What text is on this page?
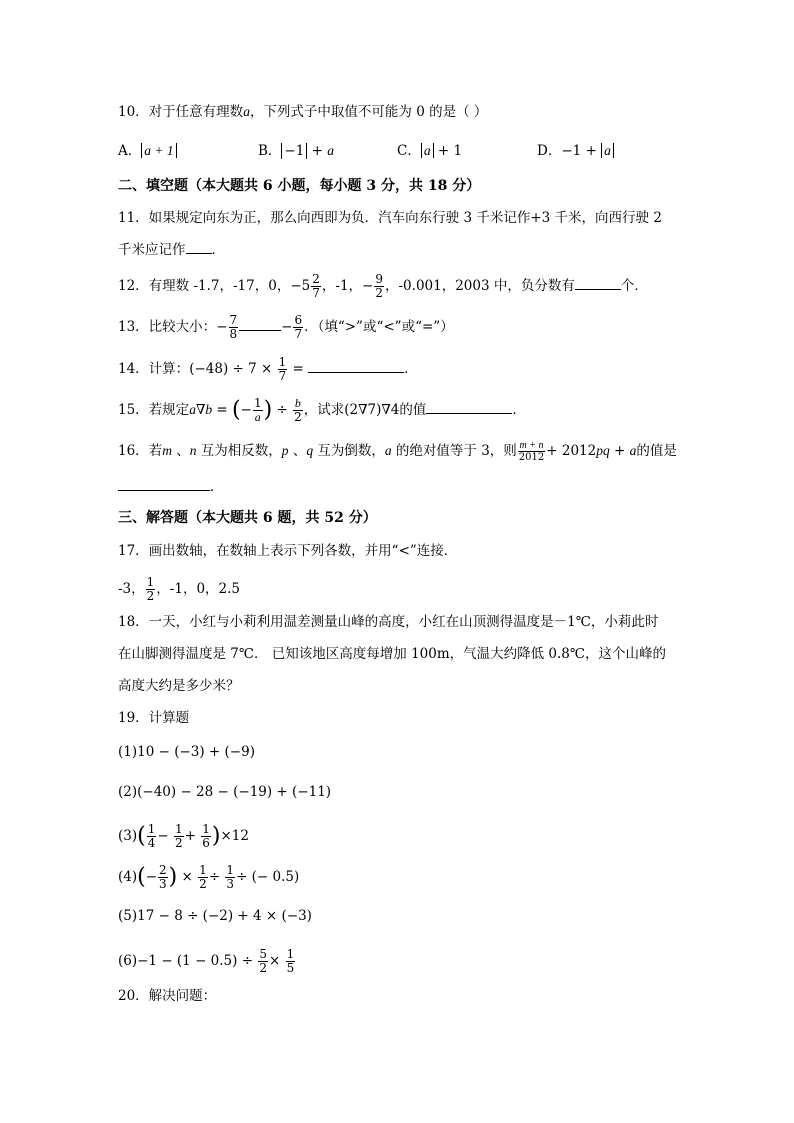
10．对于任意有理数a，下列式子中取值不可能为 0 的是（ ）
A． a + 1	B． −1 + a	C． a + 1	D．−1 + a
二、填空题（本大题共 6 小题，每小题 3 分，共 18 分）
11．如果规定向东为正，那么向西即为负．汽车向东行驶 3 千米记作+3 千米，向西行驶 2
千米应记作 ．
12．有理数 -1.7，-17，0，$-5 \frac{2}{7}$ ，-1，− $\frac{9}{2}$ ，-0.001，2003 中，负分数有	个．
13．比较大小：− $\frac{7}{8}$	− $\frac{6}{7}$ ．（填“>”或“<”或“=”）
14．计算：$(-48) \div 7 \times \frac{1}{7}$ =	．
15．若规定a∇b = (− $\frac{1}{a}$ ) ÷ $\frac{b}{2}$ ，试求(2∇7)∇4的值	．
16．若m 、n 互为相反数，p 、q 互为倒数，a 的绝对值等于 3，则 $\frac{m + n}{2012} + 2012pq + a$的值是
．
三、解答题（本大题共 6 题，共 52 分）
17．画出数轴，在数轴上表示下列各数，并用“<”连接．
-3， $\frac{1}{2}$ ，-1，0，2.5
18．一天，小红与小莉利用温差测量山峰的高度，小红在山顶测得温度是－1℃，小莉此时
在山脚测得温度是 7℃． 已知该地区高度每增加 100m，气温大约降低 0.8℃，这个山峰的
高度大约是多少米？
19．计算题
(1)10 − (−3) + (−9)
(2)(−40) − 28 − (−19) + (−11)
$(3)( \frac{1}{4} - \frac{1}{2} + \frac{1}{6} )\times 12$
$(4)(- \frac{2}{3}$ ) × $\frac{1}{2} \div \frac{1}{3}$ ÷ (− 0.5)
(5)17 − 8 ÷ (−2) + 4 × (−3)
$(6)-1 - (1 - 0.5) \div \frac{5}{2} \times \frac{1}{5}$
20．解决问题：
